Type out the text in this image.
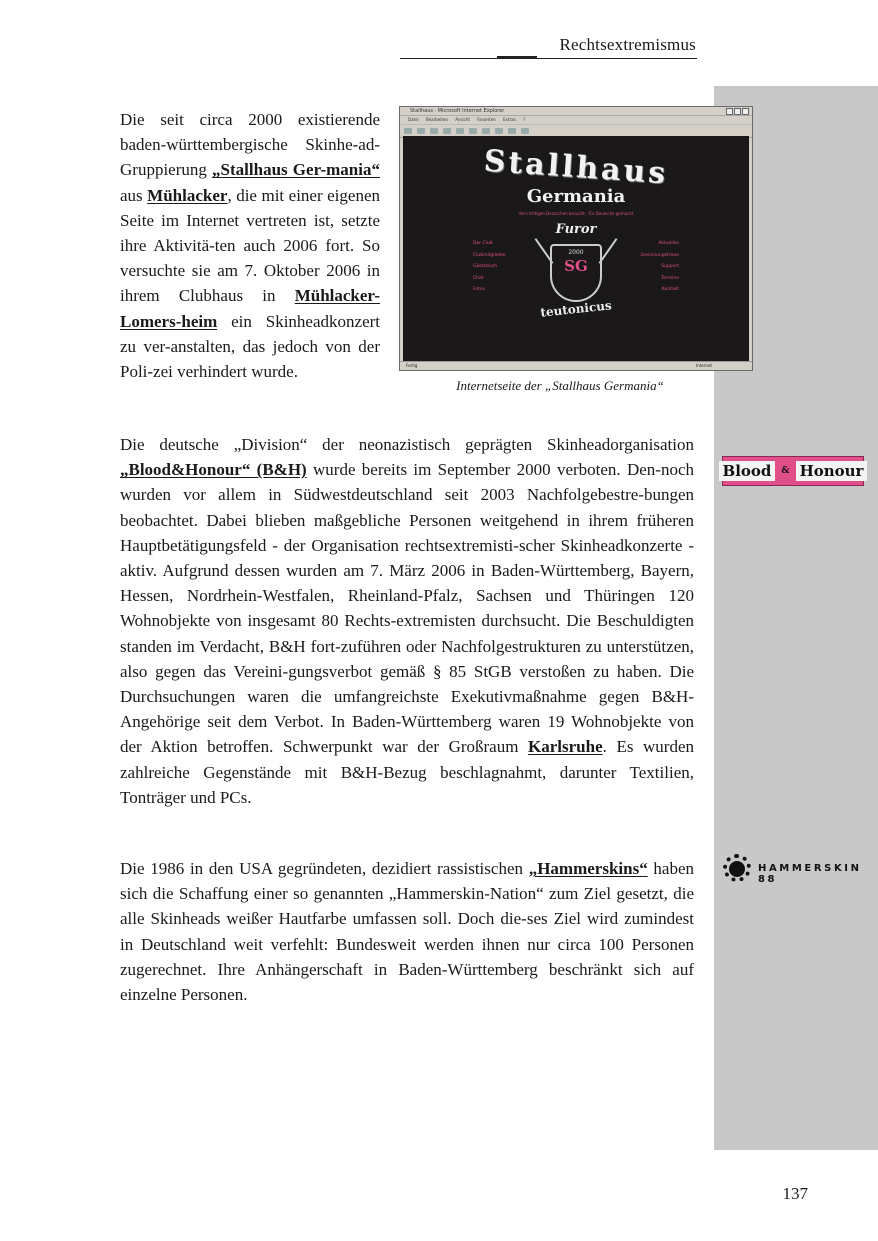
Rechtsextremismus

Die seit circa 2000 existierende baden-württembergische Skinhe-ad-Gruppierung „Stallhaus Ger-mania“ aus Mühlacker, die mit einer eigenen Seite im Internet vertreten ist, setzte ihre Aktivitä-ten auch 2006 fort. So versuchte sie am 7. Oktober 2006 in ihrem Clubhaus in Mühlacker-Lomers-heim ein Skinheadkonzert zu ver-anstalten, das jedoch von der Poli-zei verhindert wurde.

Stallhaus · Microsoft Internet Explorer
Datei Bearbeiten Ansicht Favoriten Extras ?
Stallhaus
Germania
Von richtigen Deutschen besucht - für Deutsche gemacht
Der Club
Clubmitglieder
Gästebuch
Chat
Fotos
Aktuelles
Gesinnungstreue
Support
Termine
Kontakt
Furor
2000
SG
teutonicus
Fertig	Internet
Internetseite der „Stallhaus Germania“

Die deutsche „Division“ der neonazistisch geprägten Skinheadorganisation „Blood&Honour“ (B&H) wurde bereits im September 2000 verboten. Den-noch wurden vor allem in Südwestdeutschland seit 2003 Nachfolgebestre-bungen beobachtet. Dabei blieben maßgebliche Personen weitgehend in ihrem früheren Hauptbetätigungsfeld - der Organisation rechtsextremisti-scher Skinheadkonzerte - aktiv. Aufgrund dessen wurden am 7. März 2006 in Baden-Württemberg, Bayern, Hessen, Nordrhein-Westfalen, Rheinland-Pfalz, Sachsen und Thüringen 120 Wohnobjekte von insgesamt 80 Rechts-extremisten durchsucht. Die Beschuldigten standen im Verdacht, B&H fort-zuführen oder Nachfolgestrukturen zu unterstützen, also gegen das Vereini-gungsverbot gemäß § 85 StGB verstoßen zu haben. Die Durchsuchungen waren die umfangreichste Exekutivmaßnahme gegen B&H-Angehörige seit dem Verbot. In Baden-Württemberg waren 19 Wohnobjekte von der Aktion betroffen. Schwerpunkt war der Großraum Karlsruhe. Es wurden zahlreiche Gegenstände mit B&H-Bezug beschlagnahmt, darunter Textilien, Tonträger und PCs.

Blood	& Honour

Die 1986 in den USA gegründeten, dezidiert rassistischen „Hammerskins“ haben sich die Schaffung einer so genannten „Hammerskin-Nation“ zum Ziel gesetzt, die alle Skinheads weißer Hautfarbe umfassen soll. Doch die-ses Ziel wird zumindest in Deutschland weit verfehlt: Bundesweit werden ihnen nur circa 100 Personen zugerechnet. Ihre Anhängerschaft in Baden-Württemberg beschränkt sich auf einzelne Personen.

HAMMERSKIN 88
137
